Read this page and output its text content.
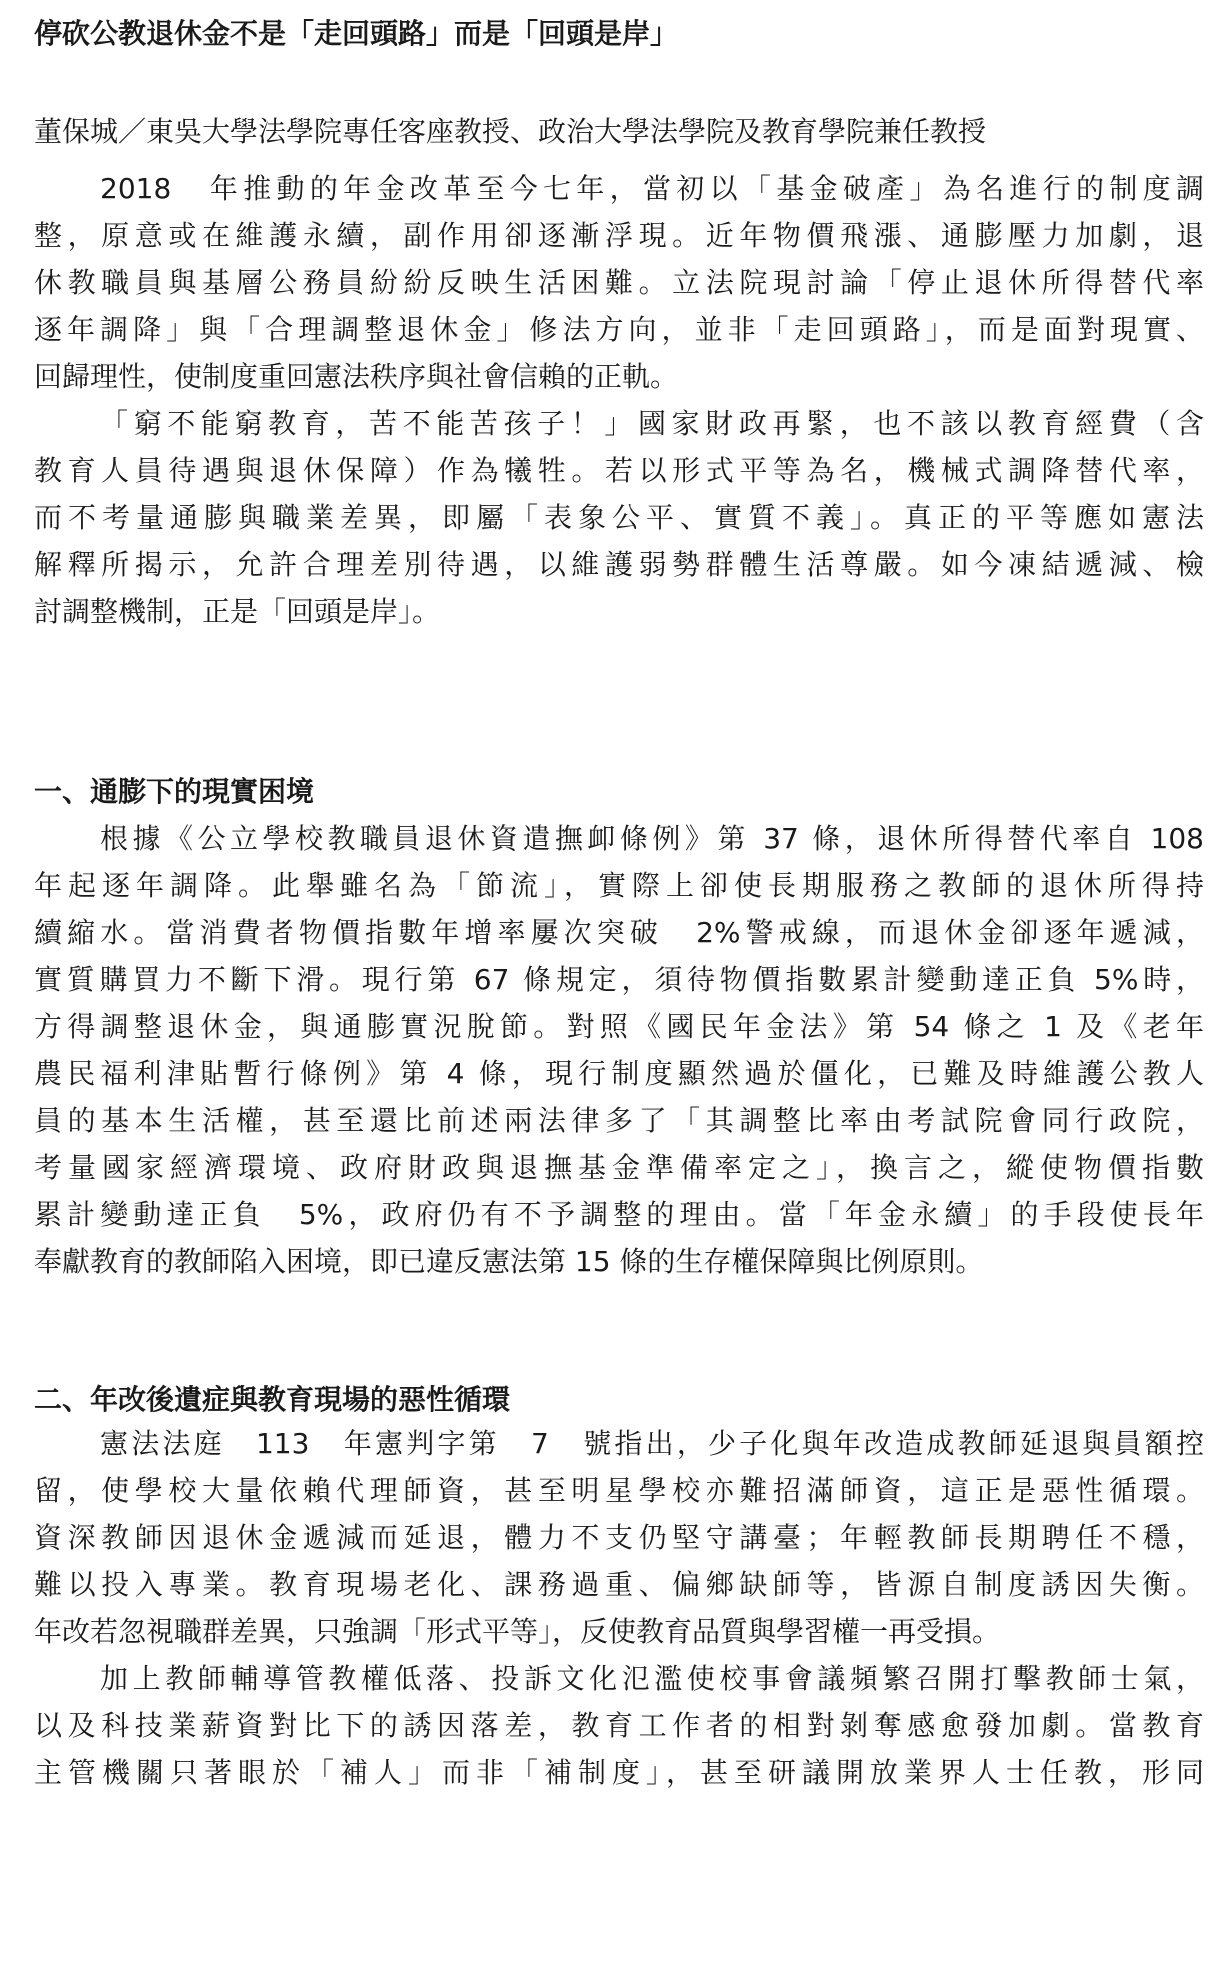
停砍公教退休金不是「走回頭路」而是「回頭是岸」

董保城／東吳大學法學院專任客座教授、政治大學法學院及教育學院兼任教授

2018　年推動的年金改革至今七年，當初以「基金破產」為名進行的制度調
整，原意或在維護永續，副作用卻逐漸浮現。近年物價飛漲、通膨壓力加劇，退
休教職員與基層公務員紛紛反映生活困難。立法院現討論「停止退休所得替代率
逐年調降」與「合理調整退休金」修法方向，並非「走回頭路」，而是面對現實、
回歸理性，使制度重回憲法秩序與社會信賴的正軌。
「窮不能窮教育，苦不能苦孩子！」國家財政再緊，也不該以教育經費（含
教育人員待遇與退休保障）作為犧牲。若以形式平等為名，機械式調降替代率，
而不考量通膨與職業差異，即屬「表象公平、實質不義」。真正的平等應如憲法
解釋所揭示，允許合理差別待遇，以維護弱勢群體生活尊嚴。如今凍結遞減、檢
討調整機制，正是「回頭是岸」。
一、通膨下的現實困境
根據《公立學校教職員退休資遣撫卹條例》第 37 條，退休所得替代率自 108
年起逐年調降。此舉雖名為「節流」，實際上卻使長期服務之教師的退休所得持
續縮水。當消費者物價指數年增率屢次突破　2%警戒線，而退休金卻逐年遞減，
實質購買力不斷下滑。現行第 67 條規定，須待物價指數累計變動達正負 5%時，
方得調整退休金，與通膨實況脫節。對照《國民年金法》第 54 條之 1 及《老年
農民福利津貼暫行條例》第 4 條，現行制度顯然過於僵化，已難及時維護公教人
員的基本生活權，甚至還比前述兩法律多了「其調整比率由考試院會同行政院，
考量國家經濟環境、政府財政與退撫基金準備率定之」，換言之，縱使物價指數
累計變動達正負　5%，政府仍有不予調整的理由。當「年金永續」的手段使長年
奉獻教育的教師陷入困境，即已違反憲法第 15 條的生存權保障與比例原則。
二、年改後遺症與教育現場的惡性循環
憲法法庭　113　年憲判字第　7　號指出，少子化與年改造成教師延退與員額控
留，使學校大量依賴代理師資，甚至明星學校亦難招滿師資，這正是惡性循環。
資深教師因退休金遞減而延退，體力不支仍堅守講臺；年輕教師長期聘任不穩，
難以投入專業。教育現場老化、課務過重、偏鄉缺師等，皆源自制度誘因失衡。
年改若忽視職群差異，只強調「形式平等」，反使教育品質與學習權一再受損。
加上教師輔導管教權低落、投訴文化氾濫使校事會議頻繁召開打擊教師士氣，
以及科技業薪資對比下的誘因落差，教育工作者的相對剝奪感愈發加劇。當教育
主管機關只著眼於「補人」而非「補制度」，甚至研議開放業界人士任教，形同
